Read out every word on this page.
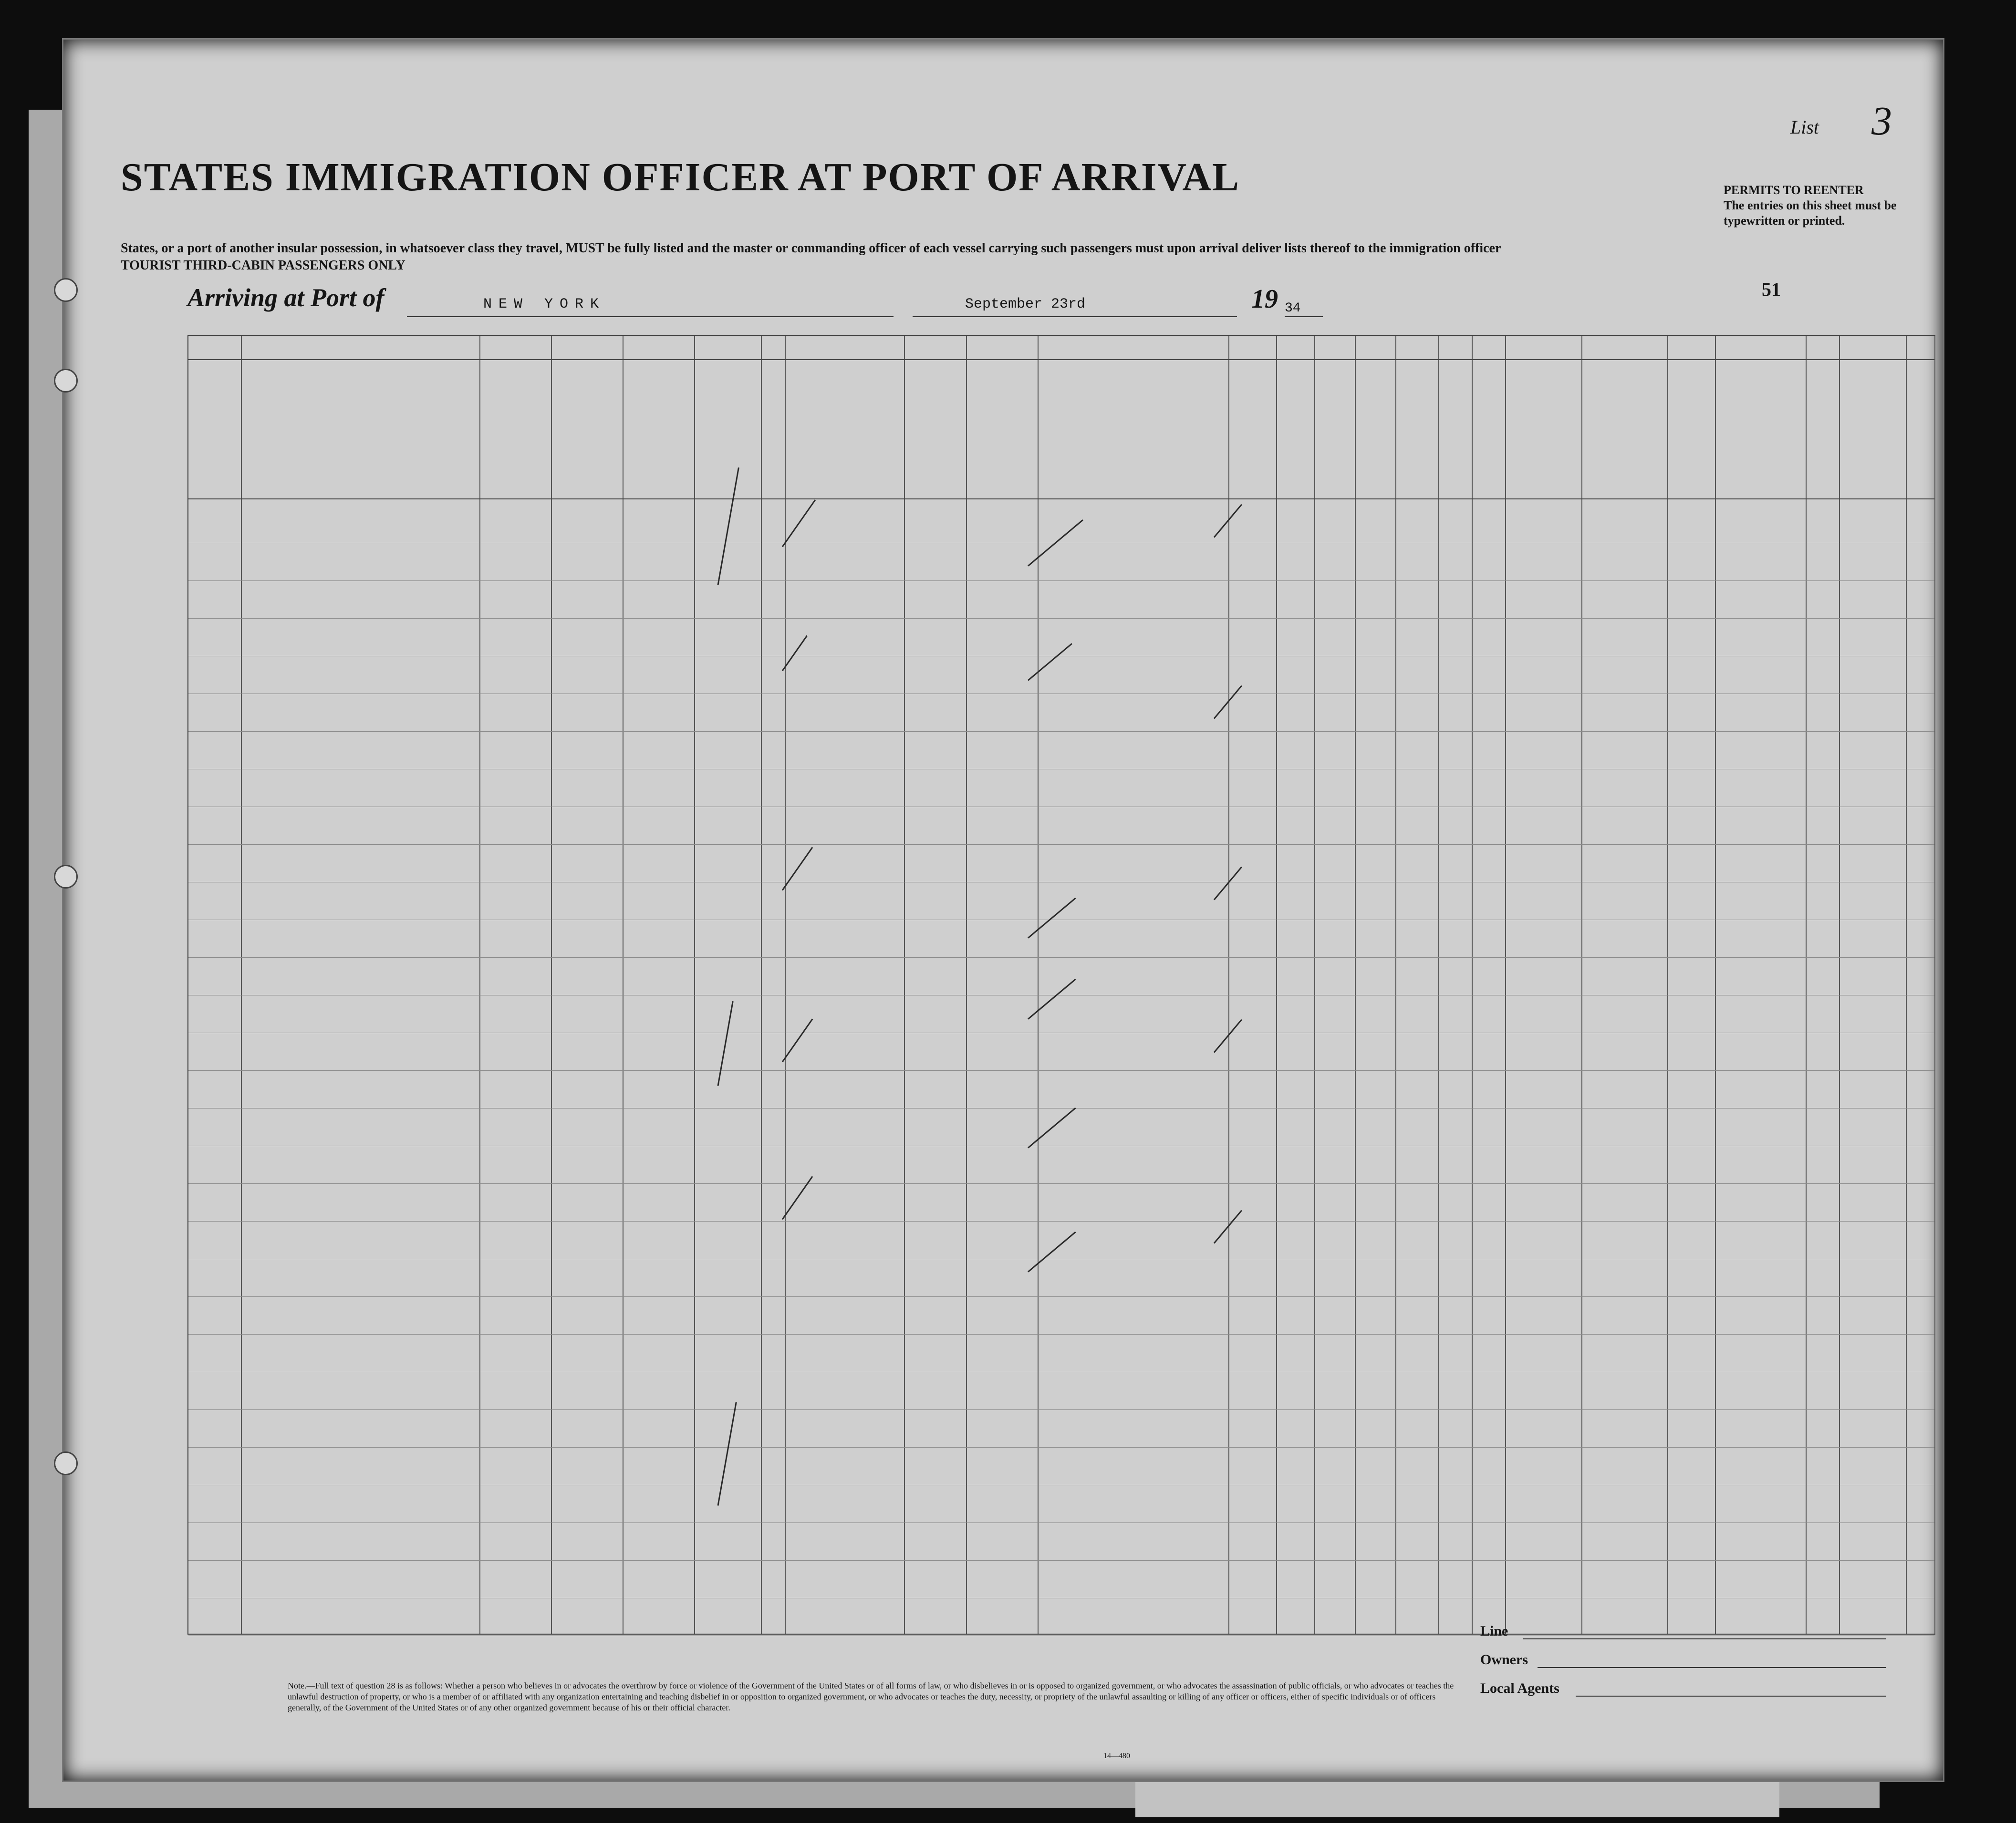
STATES IMMIGRATION OFFICER AT PORT OF ARRIVAL
States, or a port of another insular possession, in whatsoever class they travel, MUST be fully listed and the master or commanding officer of each vessel carrying such passengers must upon arrival deliver lists thereof to the immigration officer
TOURIST THIRD-CABIN PASSENGERS ONLY
List 3
PERMITS TO REENTER
The entries on this sheet must be typewritten or printed.
Arriving at Port of	NEW YORK	September 23rd	19 34
51
Note.—Full text of question 28 is as follows: Whether a person who believes in or advocates the overthrow by force or violence of the Government of the United States or of all forms of law, or who disbelieves in or is opposed to organized government, or who advocates the assassination of public officials, or who advocates or teaches the unlawful destruction of property, or who is a member of or affiliated with any organization entertaining and teaching disbelief in or opposition to organized government, or who advocates or teaches the duty, necessity, or propriety of the unlawful assaulting or killing of any officer or officers, either of specific individuals or of officers generally, of the Government of the United States or of any other organized government because of his or their official character.
Line
Owners
Local Agents
14—480
